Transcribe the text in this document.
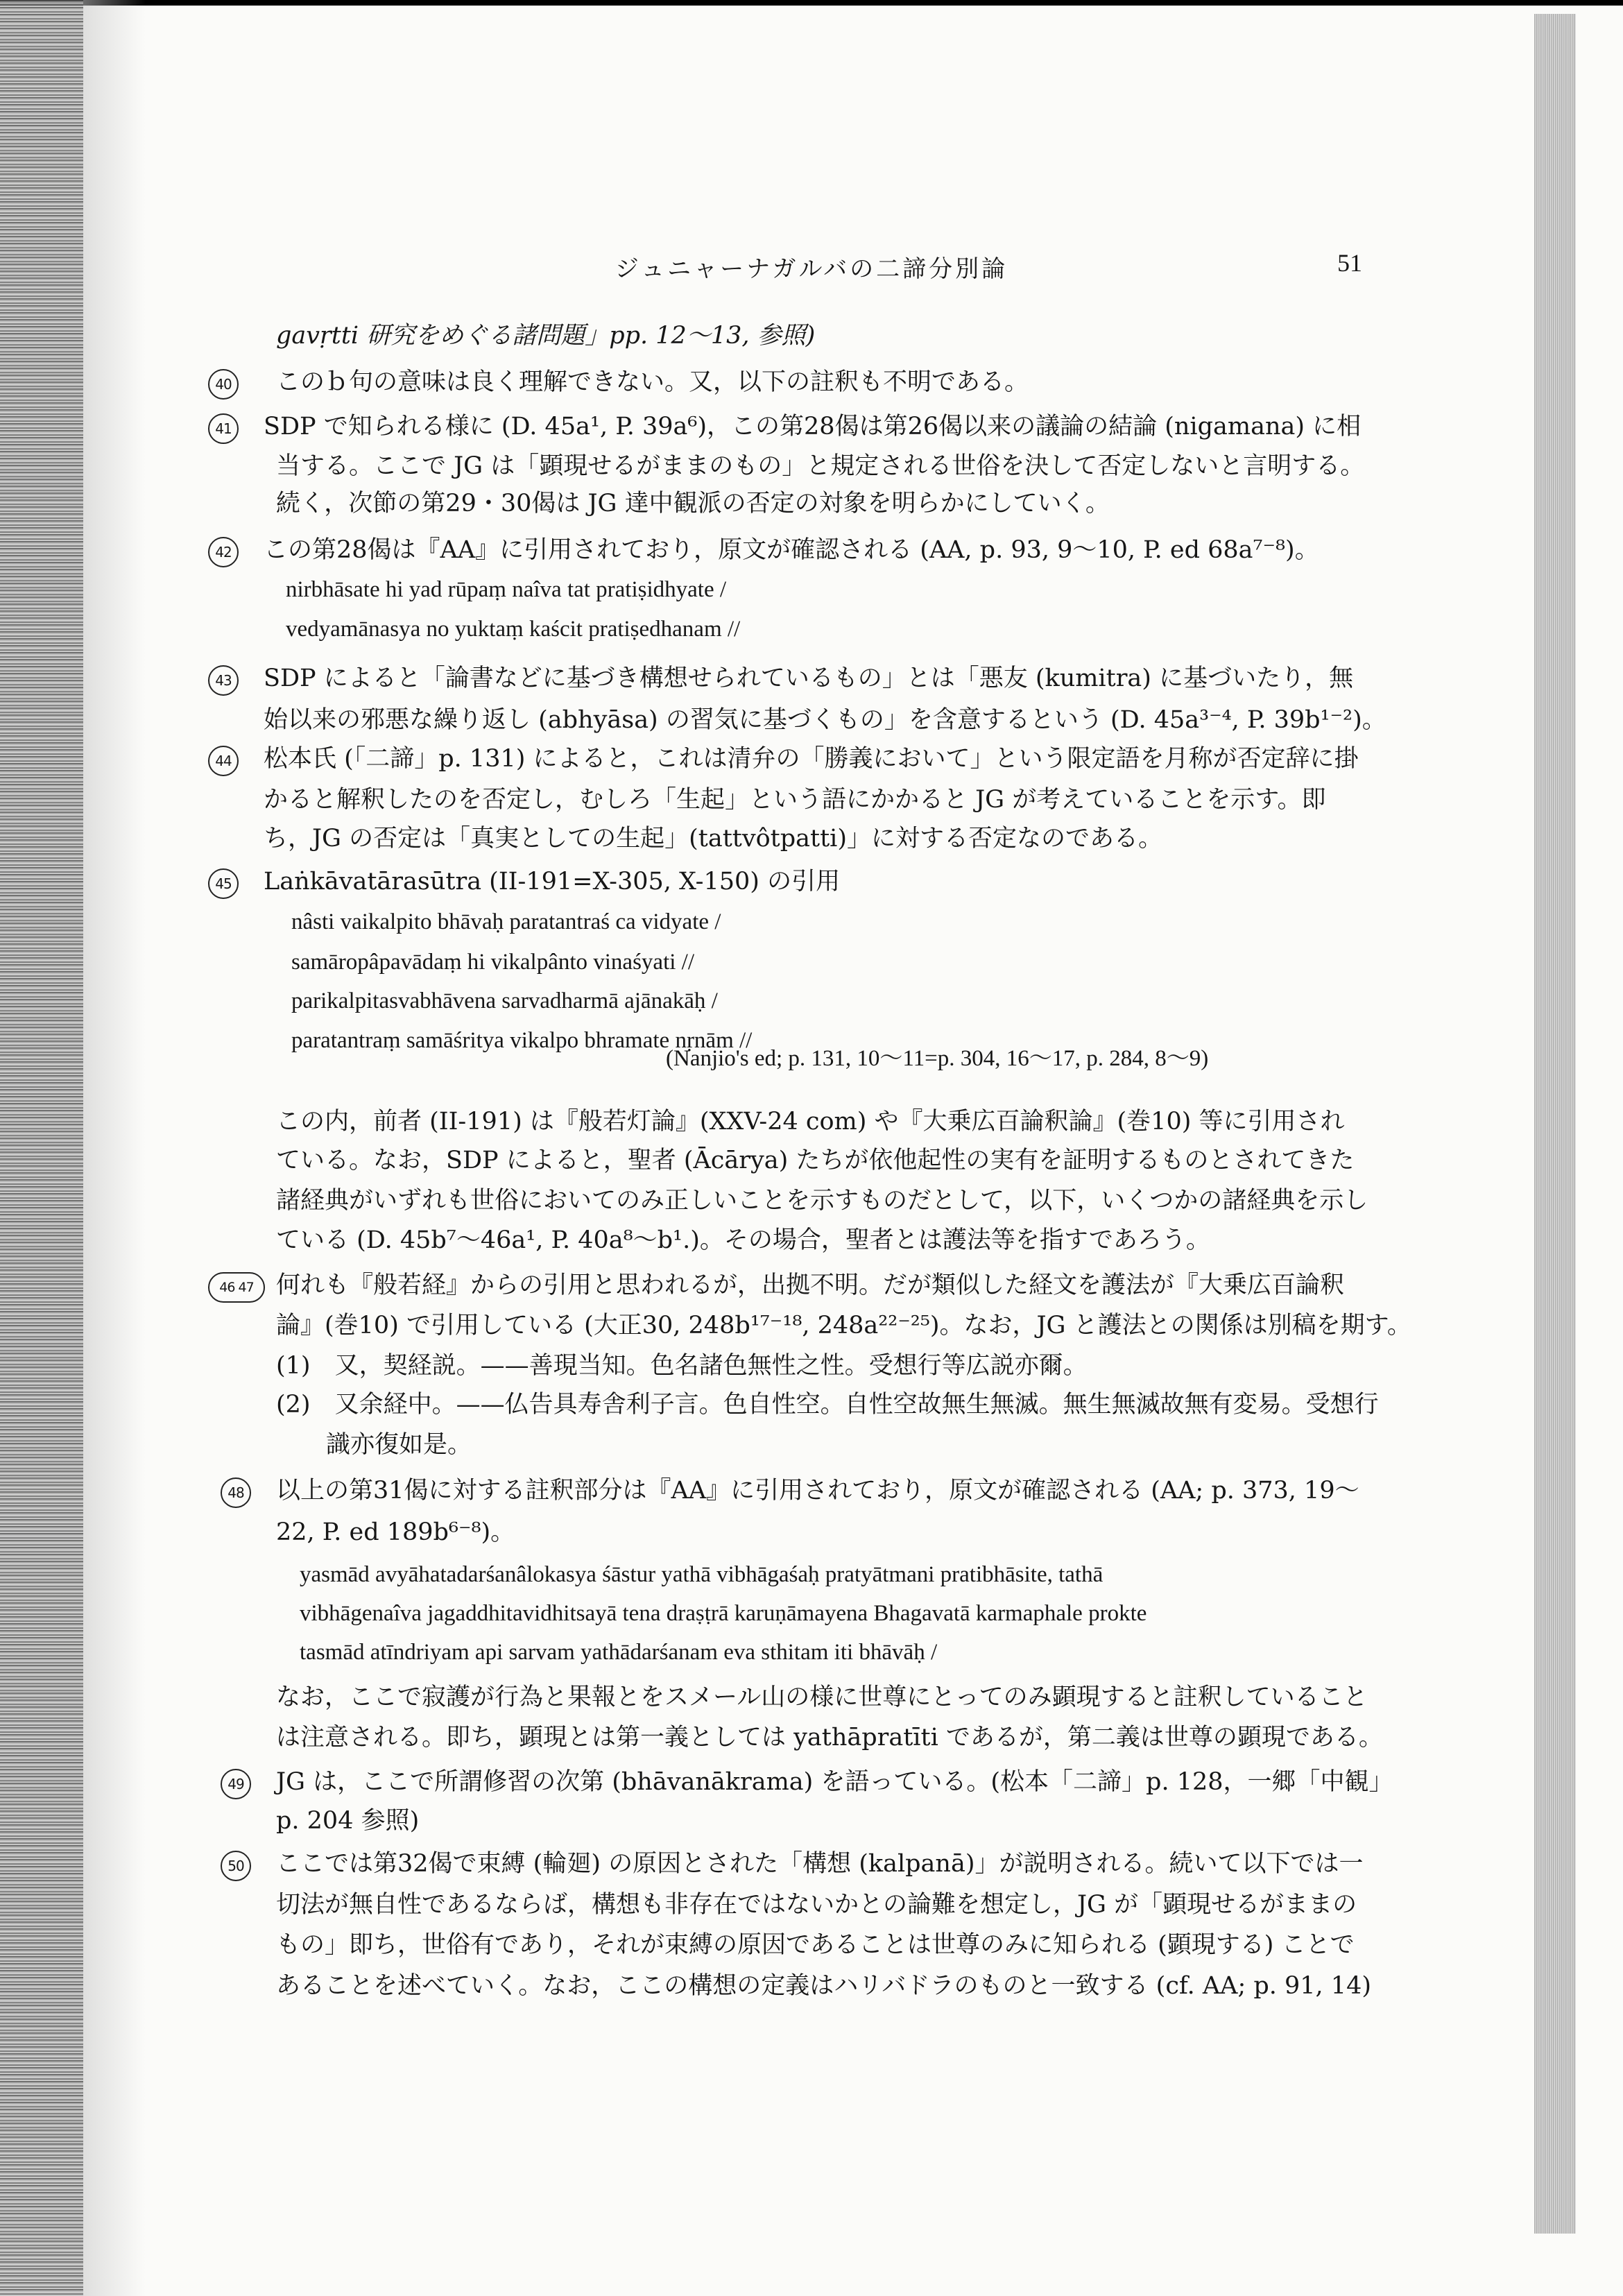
ジュニャーナガルバの二諦分別論	51
gavṛtti 研究をめぐる諸問題」pp. 12〜13, 参照)
40 このｂ句の意味は良く理解できない。又，以下の註釈も不明である。
41 SDP で知られる様に (D. 45a¹, P. 39a⁶)，この第28偈は第26偈以来の議論の結論 (nigamana) に相
当する。ここで JG は「顕現せるがままのもの」と規定される世俗を決して否定しないと言明する。
続く，次節の第29・30偈は JG 達中観派の否定の対象を明らかにしていく。
42 この第28偈は『AA』に引用されており，原文が確認される (AA, p. 93, 9〜10, P. ed 68a⁷⁻⁸)。
nirbhāsate hi yad rūpaṃ naîva tat pratiṣidhyate /
vedyamānasya no yuktaṃ kaścit pratiṣedhanam //
43 SDP によると「論書などに基づき構想せられているもの」とは「悪友 (kumitra) に基づいたり，無
始以来の邪悪な繰り返し (abhyāsa) の習気に基づくもの」を含意するという (D. 45a³⁻⁴, P. 39b¹⁻²)。
44 松本氏 (「二諦」p. 131) によると，これは清弁の「勝義において」という限定語を月称が否定辞に掛
かると解釈したのを否定し，むしろ「生起」という語にかかると JG が考えていることを示す。即
ち，JG の否定は「真実としての生起」(tattvôtpatti)」に対する否定なのである。
45 Laṅkāvatārasūtra (II-191=X-305, X-150) の引用
nâsti vaikalpito bhāvaḥ paratantraś ca vidyate /
samāropâpavādaṃ hi vikalpânto vinaśyati //
parikalpitasvabhāvena sarvadharmā ajānakāḥ /
paratantraṃ samāśritya vikalpo bhramate nṛnām //
(Nanjio's ed; p. 131, 10〜11=p. 304, 16〜17, p. 284, 8〜9)
この内，前者 (II-191) は『般若灯論』(XXV-24 com) や『大乗広百論釈論』(巻10) 等に引用され
ている。なお，SDP によると，聖者 (Ācārya) たちが依他起性の実有を証明するものとされてきた
諸経典がいずれも世俗においてのみ正しいことを示すものだとして，以下，いくつかの諸経典を示し
ている (D. 45b⁷〜46a¹, P. 40a⁸〜b¹.)。その場合，聖者とは護法等を指すであろう。
46 47 何れも『般若経』からの引用と思われるが，出拠不明。だが類似した経文を護法が『大乗広百論釈
論』(巻10) で引用している (大正30, 248b¹⁷⁻¹⁸, 248a²²⁻²⁵)。なお，JG と護法との関係は別稿を期す。
(1)　又，契経説。——善現当知。色名諸色無性之性。受想行等広説亦爾。
(2)　又余経中。——仏告具寿舎利子言。色自性空。自性空故無生無滅。無生無滅故無有変易。受想行
識亦復如是。
48 以上の第31偈に対する註釈部分は『AA』に引用されており，原文が確認される (AA; p. 373, 19〜
22, P. ed 189b⁶⁻⁸)。
yasmād avyāhatadarśanâlokasya śāstur yathā vibhāgaśaḥ pratyātmani pratibhāsite, tathā
vibhāgenaîva jagaddhitavidhitsayā tena draṣṭrā karuṇāmayena Bhagavatā karmaphale prokte
tasmād atīndriyam api sarvam yathādarśanam eva sthitam iti bhāvāḥ /
なお，ここで寂護が行為と果報とをスメール山の様に世尊にとってのみ顕現すると註釈していること
は注意される。即ち，顕現とは第一義としては yathāpratīti であるが，第二義は世尊の顕現である。
49 JG は，ここで所謂修習の次第 (bhāvanākrama) を語っている。(松本「二諦」p. 128，一郷「中観」
p. 204 参照)
50 ここでは第32偈で束縛 (輪廻) の原因とされた「構想 (kalpanā)」が説明される。続いて以下では一
切法が無自性であるならば，構想も非存在ではないかとの論難を想定し，JG が「顕現せるがままの
もの」即ち，世俗有であり，それが束縛の原因であることは世尊のみに知られる (顕現する) ことで
あることを述べていく。なお，ここの構想の定義はハリバドラのものと一致する (cf. AA; p. 91, 14)
